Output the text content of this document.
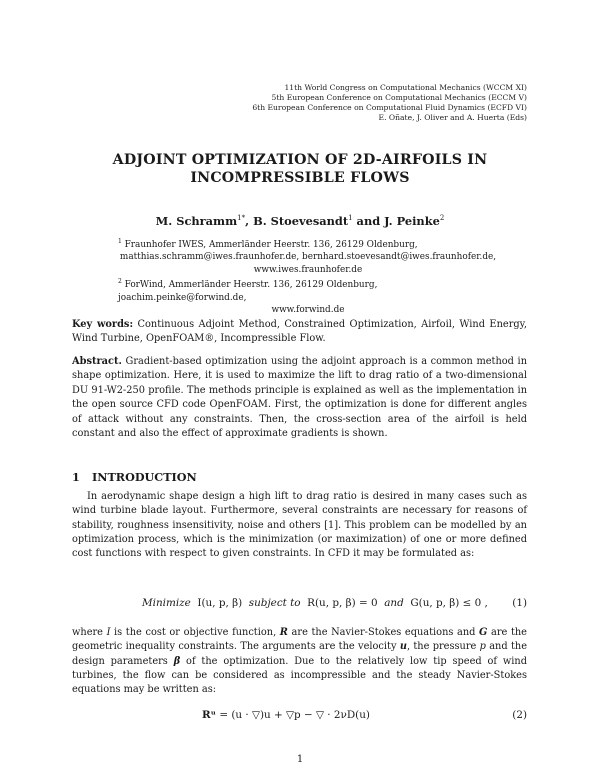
11th World Congress on Computational Mechanics (WCCM XI)
5th European Conference on Computational Mechanics (ECCM V)
6th European Conference on Computational Fluid Dynamics (ECFD VI)
E. Oñate, J. Oliver and A. Huerta (Eds)
ADJOINT OPTIMIZATION OF 2D-AIRFOILS IN
INCOMPRESSIBLE FLOWS
M. Schramm$^{1*}$, B. Stoevesandt$^1$ and J. Peinke$^2$
$^1$ Fraunhofer IWES, Ammerländer Heerstr. 136, 26129 Oldenburg,
matthias.schramm@iwes.fraunhofer.de, bernhard.stoevesandt@iwes.fraunhofer.de,
www.iwes.fraunhofer.de
$^2$ ForWind, Ammerländer Heerstr. 136, 26129 Oldenburg, joachim.peinke@forwind.de,
www.forwind.de
Key words: Continuous Adjoint Method, Constrained Optimization, Airfoil, Wind Energy, Wind Turbine, OpenFOAM®, Incompressible Flow.
Abstract. Gradient-based optimization using the adjoint approach is a common method in shape optimization. Here, it is used to maximize the lift to drag ratio of a two-dimensional DU 91-W2-250 profile. The methods principle is explained as well as the implementation in the open source CFD code OpenFOAM. First, the optimization is done for different angles of attack without any constraints. Then, the cross-section area of the airfoil is held constant and also the effect of approximate gradients is shown.
1 INTRODUCTION
In aerodynamic shape design a high lift to drag ratio is desired in many cases such as wind turbine blade layout. Furthermore, several constraints are necessary for reasons of stability, roughness insensitivity, noise and others [1]. This problem can be modelled by an optimization process, which is the minimization (or maximization) of one or more defined cost functions with respect to given constraints. In CFD it may be formulated as:
Minimize I(u, p, β) subject to R(u, p, β) = 0 and G(u, p, β) ≤ 0 , (1)
where I is the cost or objective function, R are the Navier-Stokes equations and G are the geometric inequality constraints. The arguments are the velocity u, the pressure p and the design parameters β of the optimization. Due to the relatively low tip speed of wind turbines, the flow can be considered as incompressible and the steady Navier-Stokes equations may be written as:
Rᵘ = (u · ▽)u + ▽p − ▽ · 2νD(u)	(2)
1
